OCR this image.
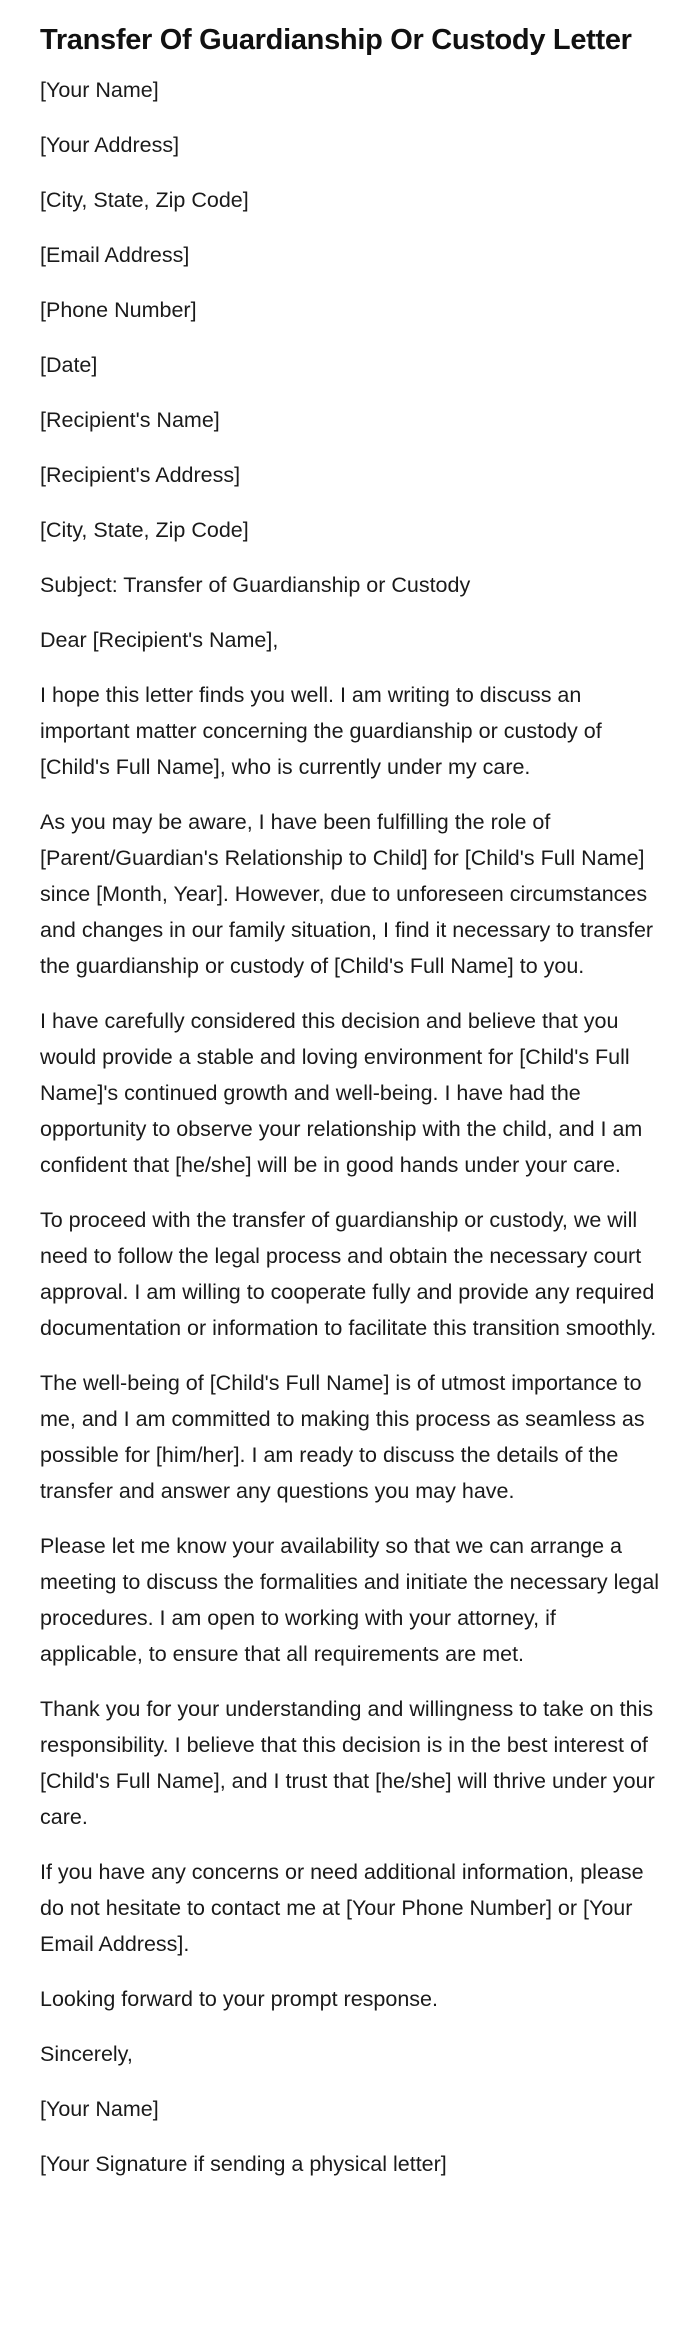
Transfer Of Guardianship Or Custody Letter

[Your Name]

[Your Address]

[City, State, Zip Code]

[Email Address]

[Phone Number]

[Date]

[Recipient's Name]

[Recipient's Address]

[City, State, Zip Code]

Subject: Transfer of Guardianship or Custody

Dear [Recipient's Name],

I hope this letter finds you well. I am writing to discuss an important matter concerning the guardianship or custody of [Child's Full Name], who is currently under my care.

As you may be aware, I have been fulfilling the role of [Parent/Guardian's Relationship to Child] for [Child's Full Name] since [Month, Year]. However, due to unforeseen circumstances and changes in our family situation, I find it necessary to transfer the guardianship or custody of [Child's Full Name] to you.

I have carefully considered this decision and believe that you would provide a stable and loving environment for [Child's Full Name]'s continued growth and well-being. I have had the opportunity to observe your relationship with the child, and I am confident that [he/she] will be in good hands under your care.

To proceed with the transfer of guardianship or custody, we will need to follow the legal process and obtain the necessary court approval. I am willing to cooperate fully and provide any required documentation or information to facilitate this transition smoothly.

The well-being of [Child's Full Name] is of utmost importance to me, and I am committed to making this process as seamless as possible for [him/her]. I am ready to discuss the details of the transfer and answer any questions you may have.

Please let me know your availability so that we can arrange a meeting to discuss the formalities and initiate the necessary legal procedures. I am open to working with your attorney, if applicable, to ensure that all requirements are met.

Thank you for your understanding and willingness to take on this responsibility. I believe that this decision is in the best interest of [Child's Full Name], and I trust that [he/she] will thrive under your care.

If you have any concerns or need additional information, please do not hesitate to contact me at [Your Phone Number] or [Your Email Address].

Looking forward to your prompt response.

Sincerely,

[Your Name]

[Your Signature if sending a physical letter]
